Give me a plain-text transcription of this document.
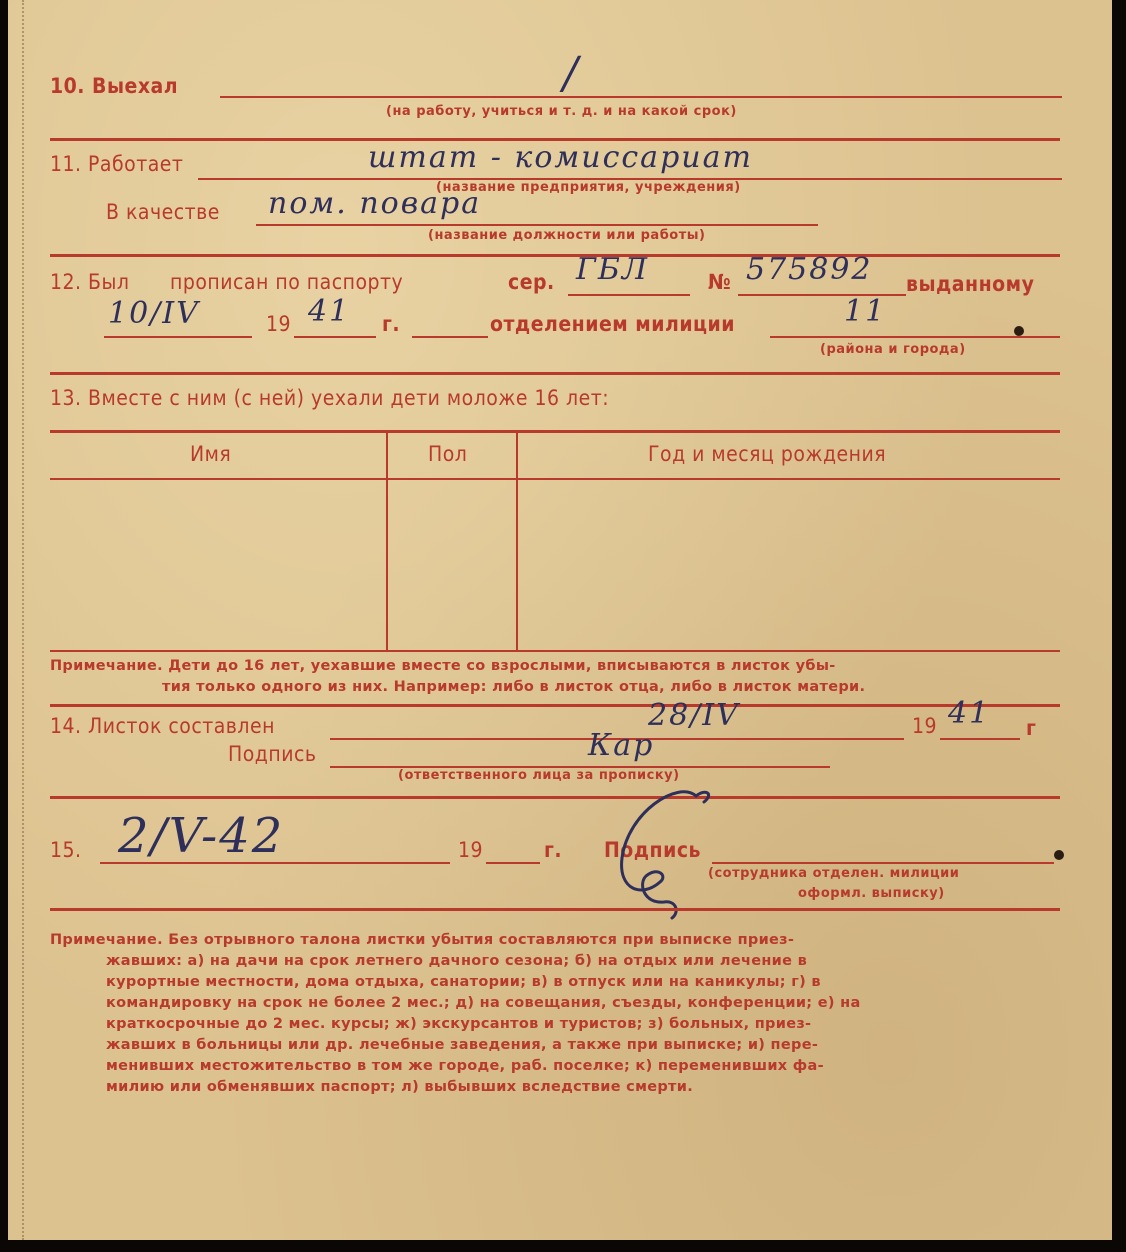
10. Выехал	/
(на работу, учиться и т. д. и на какой срок)
11. Работает	штат - комиссариат
(название предприятия, учреждения)
В качестве пом. повара
(название должности или работы)
12. Был прописан по паспорту	сер. ГБЛ	№ 575892 выданному
10/IV	19 41 г.	отделением милиции	11
(района и города)
13. Вместе с ним (с ней) уехали дети моложе 16 лет:
Имя	Пол	Год и месяц рождения
Примечание. Дети до 16 лет, уехавшие вместе со взрослыми, вписываются в листок убы-
тия только одного из них. Например: либо в листок отца, либо в листок матери.
14. Листок составлен	28/IV	19 41 г
Подпись	Кар
(ответственного лица за прописку)
15. 2/V-42	19	г. Подпись
(сотрудника отделен. милиции
оформл. выписку)
Примечание. Без отрывного талона листки убытия составляются при выписке приез-
жавших: а) на дачи на срок летнего дачного сезона; б) на отдых или лечение в
курортные местности, дома отдыха, санатории; в) в отпуск или на каникулы; г) в
командировку на срок не более 2 мес.; д) на совещания, съезды, конференции; е) на
краткосрочные до 2 мес. курсы; ж) экскурсантов и туристов; з) больных, приез-
жавших в больницы или др. лечебные заведения, а также при выписке; и) пере-
менивших местожительство в том же городе, раб. поселке; к) переменивших фа-
милию или обменявших паспорт; л) выбывших вследствие смерти.
